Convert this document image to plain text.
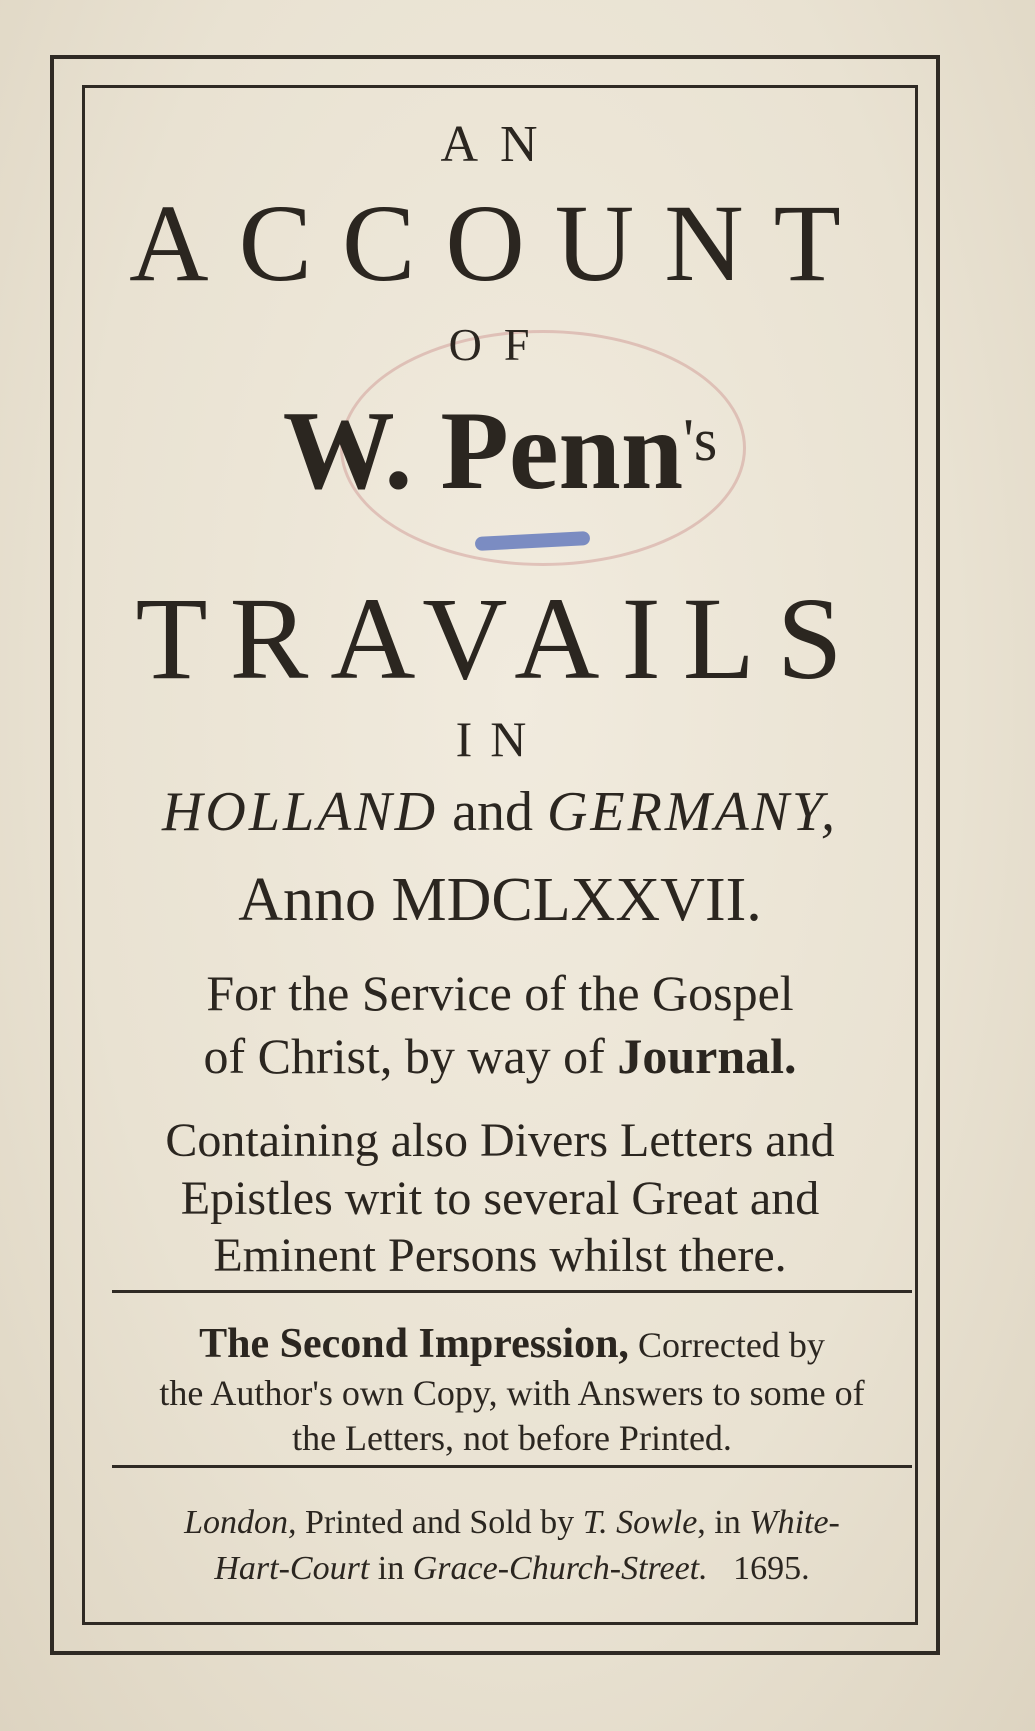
AN
ACCOUNT
OF
W. Penn$^{'s}$
TRAVAILS
IN
HOLLAND and GERMANY,
Anno MDCLXXVII.
For the Service of the Gospel
of Christ, by way of Journal.
Containing also Divers Letters and
Epistles writ to several Great and
Eminent Persons whilst there.
The Second Impression, Corrected by
the Author's own Copy, with Answers to some of
the Letters, not before Printed.
London, Printed and Sold by T. Sowle, in White-
Hart-Court in Grace-Church-Street. 1695.
